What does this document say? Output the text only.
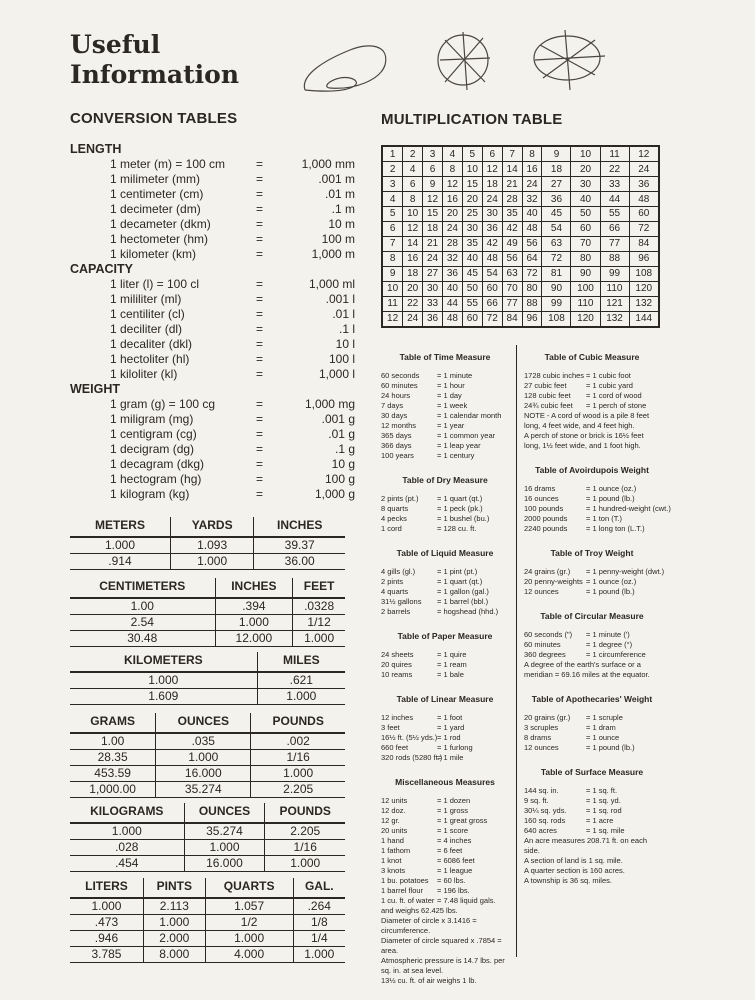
Useful
Information
CONVERSION TABLES	MULTIPLICATION TABLE
LENGTH
1 meter (m) = 100 cm	=	1,000 mm
1 milimeter (mm)	=	.001 m
1 centimeter (cm)	=	.01 m
1 decimeter (dm)	=	.1 m
1 decameter (dkm)	=	10 m
1 hectometer (hm)	=	100 m
1 kilometer (km)	=	1,000 m
CAPACITY
1 liter (l) = 100 cl	=	1,000 ml
1 mililiter (ml)	=	.001 l
1 centiliter (cl)	=	.01 l
1 deciliter (dl)	=	.1 l
1 decaliter (dkl)	=	10 l
1 hectoliter (hl)	=	100 l
1 kiloliter (kl)	=	1,000 l
WEIGHT
1 gram (g) = 100 cg	=	1,000 mg
1 miligram (mg)	=	.001 g
1 centigram (cg)	=	.01 g
1 decigram (dg)	=	.1 g
1 decagram (dkg)	=	10 g
1 hectogram (hg)	=	100 g
1 kilogram (kg)	=	1,000 g
METERS	YARDS	INCHES
1.000	1.093	39.37
.914	1.000	36.00
CENTIMETERS	INCHES	FEET
1.00	.394	.0328
2.54	1.000	1/12
30.48	12.000	1.000
KILOMETERS	MILES
1.000	.621
1.609	1.000
GRAMS	OUNCES	POUNDS
1.00	.035	.002
28.35	1.000	1/16
453.59	16.000	1.000
1,000.00	35.274	2.205
KILOGRAMS	OUNCES	POUNDS
1.000	35.274	2.205
.028	1.000	1/16
.454	16.000	1.000
LITERS	PINTS	QUARTS	GAL.
1.000	2.113	1.057	.264
.473	1.000	1/2	1/8
.946	2.000	1.000	1/4
3.785	8.000	4.000	1.000
1	2	3	4	5	6	7	8	9	10	11	12
2	4	6	8	10	12	14	16	18	20	22	24
3	6	9	12	15	18	21	24	27	30	33	36
4	8	12	16	20	24	28	32	36	40	44	48
5	10	15	20	25	30	35	40	45	50	55	60
6	12	18	24	30	36	42	48	54	60	66	72
7	14	21	28	35	42	49	56	63	70	77	84
8	16	24	32	40	48	56	64	72	80	88	96
9	18	27	36	45	54	63	72	81	90	99	108
10	20	30	40	50	60	70	80	90	100	110	120
11	22	33	44	55	66	77	88	99	110	121	132
12	24	36	48	60	72	84	96	108	120	132	144
Table of Time Measure
60 seconds = 1 minute
60 minutes	= 1 hour
24 hours	= 1 day
7 days	= 1 week
30 days	= 1 calendar month
12 months	= 1 year
365 days	= 1 common year
366 days	= 1 leap year
100 years	= 1 century
Table of Dry Measure
2 pints (pt.) = 1 quart (qt.)
8 quarts	= 1 peck (pk.)
4 pecks	= 1 bushel (bu.)
1 cord	= 128 cu. ft.
Table of Liquid Measure
4 gills (gl.)	= 1 pint (pt.)
2 pints	= 1 quart (qt.)
4 quarts	= 1 gallon (gal.)
31½ gallons = 1 barrel (bbl.)
2 barrels	= hogshead (hhd.)
Table of Paper Measure
24 sheets	= 1 quire
20 quires	= 1 ream
10 reams	= 1 bale
Table of Linear Measure
12 inches	= 1 foot
3 feet	= 1 yard
16½ ft. (5½ yds.) = 1 rod
660 feet	= 1 furlong
320 rods (5280 ft.)
= 1 mile
Miscellaneous Measures
12 units	= 1 dozen
12 doz.	= 1 gross
12 gr.	= 1 great gross
20 units	= 1 score
1 hand	= 4 inches
1 fathom	= 6 feet
1 knot	= 6086 feet
3 knots	= 1 league
1 bu. potatoes = 60 lbs.
1 barrel flour = 196 lbs.
1 cu. ft. of water = 7.48 liquid gals.

and weighs 62.425 lbs.

Diameter of circle x 3.1416 = circumference.

Diameter of circle squared x .7854 = area.

Atmospheric pressure is 14.7 lbs. per sq. in. at sea level.

13½ cu. ft. of air weighs 1 lb.

Table of Cubic Measure
1728 cubic inches = 1 cubic foot
27 cubic feet	= 1 cubic yard
128 cubic feet = 1 cord of wood
24¾ cubic feet = 1 perch of stone

NOTE - A cord of wood is a pile 8 feet long, 4 feet wide, and 4 feet high.

A perch of stone or brick is 16½ feet long, 1½ feet wide, and 1 foot high.

Table of Avoirdupois Weight
16 drams	= 1 ounce (oz.)
16 ounces	= 1 pound (lb.)
100 pounds	= 1 hundred-weight (cwt.)
2000 pounds = 1 ton (T.)
2240 pounds = 1 long ton (L.T.)
Table of Troy Weight
24 grains (gr.) = 1 penny-weight (dwt.)
20 penny-weights = 1 ounce (oz.)
12 ounces	= 1 pound (lb.)
Table of Circular Measure
60 seconds (") = 1 minute (')
60 minutes	= 1 degree (°)
360 degrees	= 1 circumference

A degree of the earth's surface or a meridian = 69.16 miles at the equator.

Table of Apothecaries' Weight
20 grains (gr.) = 1 scruple
3 scruples	= 1 dram
8 drams	= 1 ounce
12 ounces	= 1 pound (lb.)
Table of Surface Measure
144 sq. in.	= 1 sq. ft.
9 sq. ft.	= 1 sq. yd.
30¼ sq. yds.	= 1 sq. rod
160 sq. rods	= 1 acre
640 acres	= 1 sq. mile

An acre measures 208.71 ft. on each side.

A section of land is 1 sq. mile.

A quarter section is 160 acres.

A township is 36 sq. miles.
